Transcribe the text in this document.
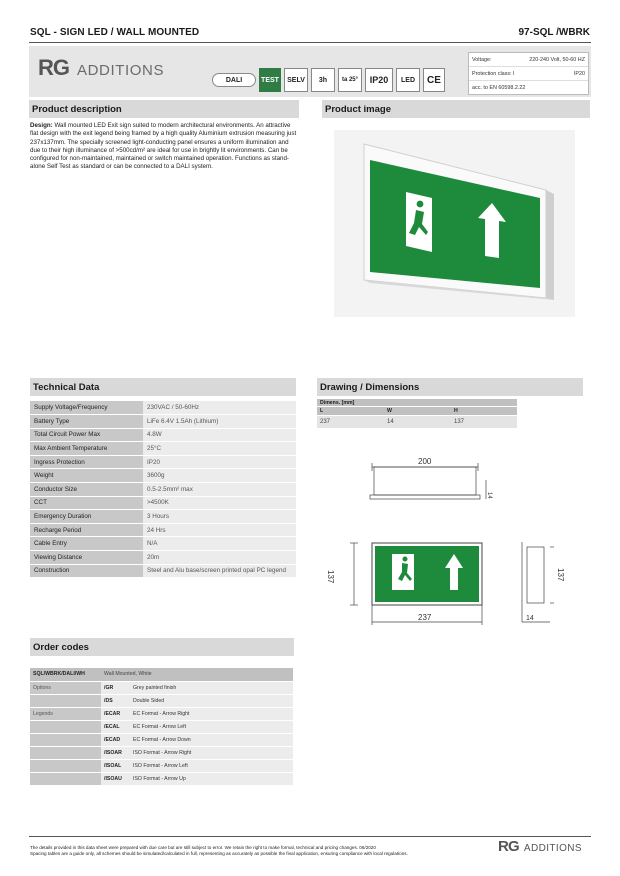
SQL - SIGN LED / WALL MOUNTED	97-SQL /WBRK
RG ADDITIONS
DALI	TEST	SELV	3h	ta 25°	IP20	LED	CE
Voltage:	220-240 Volt, 50-60 HZ
Protection class: I	IP20
acc. to EN 60598.2.22
Product description
Design: Wall mounted LED Exit sign suited to modern architectural environments. An attractive flat design with the exit legend being framed by a high quality Aluminium extrusion measuring just 237x137mm. The specially screened light-conducting panel ensures a uniform illumination and due to their high illuminance of >500cd/m² are ideal for use in brightly lit environments. Can be configured for non-maintained, maintained or switch maintained operation. Functions as stand-alone Self Test as standard or can be connected to a DALI system.
Product image
Technical Data
Supply Voltage/Frequency	230VAC / 50-60Hz
Battery Type	LiFe 6.4V 1.5Ah (Lithium)
Total Circuit Power Max	4.8W
Max Ambient Temperature	25°C
Ingress Protection	IP20
Weight	3600g
Conductor Size	0.5-2.5mm² max
CCT	>4500K
Emergency Duration	3 Hours
Recharge Period	24 Hrs
Cable Entry	N/A
Viewing Distance	20m
Construction	Steel and Alu base/screen printed opal PC legend
Drawing / Dimensions
Dimens. [mm]		
L	W	H
237	14	137
200
14
137
237
137
14
Order codes
SQL/WBRK/DALI/WH	Wall Mounted, White	
Options	/GR	Grey painted finish
	/DS	Double Sided
Legends	/ECAR	EC Format - Arrow Right
	/ECAL	EC Format - Arrow Left
	/ECAD	EC Format - Arrow Down
	/ISOAR	ISO Format - Arrow Right
	/ISOAL	ISO Format - Arrow Left
	/ISOAU	ISO Format - Arrow Up
The details provided in this data sheet were prepared with due care but are still subject to error. We retain the right to make formal, technical and pricing changes. 06/2020
Spacing tables are a guide only, all schemes should be simulated/calculated in full, representing as accurately as possible the final application, ensuring compliance with local regulations.	RG ADDITIONS
